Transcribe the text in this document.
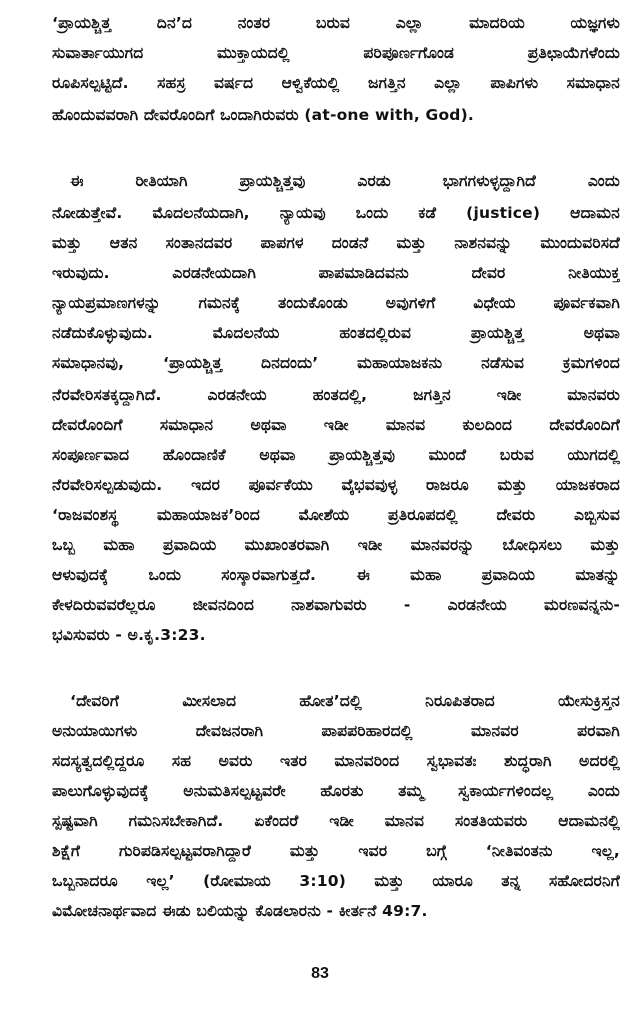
‘ಪ್ರಾಯಶ್ಚಿತ್ತ ದಿನ’ದ ನಂತರ ಬರುವ ಎಲ್ಲಾ ಮಾದರಿಯ ಯಜ್ಞಗಳು
ಸುವಾರ್ತಾಯುಗದ ಮುಕ್ತಾಯದಲ್ಲಿ ಪರಿಪೂರ್ಣಗೊಂಡ ಪ್ರತಿಛಾಯೆಗಳೆಂದು
ರೂಪಿಸಲ್ಪಟ್ಟಿದೆ. ಸಹಸ್ರ ವರ್ಷದ ಆಳ್ವಿಕೆಯಲ್ಲಿ ಜಗತ್ತಿನ ಎಲ್ಲಾ ಪಾಪಿಗಳು ಸಮಾಧಾನ
ಹೊಂದುವವರಾಗಿ ದೇವರೊಂದಿಗೆ ಒಂದಾಗಿರುವರು (at-one with, God).
ಈ ರೀತಿಯಾಗಿ ಪ್ರಾಯಶ್ಚಿತ್ತವು ಎರಡು ಭಾಗಗಳುಳ್ಳದ್ದಾಗಿದೆ ಎಂದು
ನೋಡುತ್ತೇವೆ. ಮೊದಲನೆಯದಾಗಿ, ನ್ಯಾಯವು ಒಂದು ಕಡೆ (justice) ಆದಾಮನ
ಮತ್ತು ಆತನ ಸಂತಾನದವರ ಪಾಪಗಳ ದಂಡನೆ ಮತ್ತು ನಾಶನವನ್ನು ಮುಂದುವರಿಸದೆ
ಇರುವುದು. ಎರಡನೇಯದಾಗಿ ಪಾಪಮಾಡಿದವನು ದೇವರ ನೀತಿಯುಕ್ತ
ನ್ಯಾಯಪ್ರಮಾಣಗಳನ್ನು ಗಮನಕ್ಕೆ ತಂದುಕೊಂಡು ಅವುಗಳಿಗೆ ವಿಧೇಯ ಪೂರ್ವಕವಾಗಿ
ನಡೆದುಕೊಳ್ಳುವುದು. ಮೊದಲನೆಯ ಹಂತದಲ್ಲಿರುವ ಪ್ರಾಯಶ್ಚಿತ್ತ ಅಥವಾ
ಸಮಾಧಾನವು, ‘ಪ್ರಾಯಶ್ಚಿತ್ತ ದಿನದಂದು’ ಮಹಾಯಾಜಕನು ನಡೆಸುವ ಕ್ರಮಗಳಿಂದ
ನೆರವೇರಿಸತಕ್ಕದ್ದಾಗಿದೆ. ಎರಡನೇಯ ಹಂತದಲ್ಲಿ, ಜಗತ್ತಿನ ಇಡೀ ಮಾನವರು
ದೇವರೊಂದಿಗೆ ಸಮಾಧಾನ ಅಥವಾ ಇಡೀ ಮಾನವ ಕುಲದಿಂದ ದೇವರೊಂದಿಗೆ
ಸಂಪೂರ್ಣವಾದ ಹೊಂದಾಣಿಕೆ ಅಥವಾ ಪ್ರಾಯಶ್ಚಿತ್ತವು ಮುಂದೆ ಬರುವ ಯುಗದಲ್ಲಿ
ನೆರವೇರಿಸಲ್ಪಡುವುದು. ಇದರ ಪೂರ್ವಕೆಯು ವೈಭವವುಳ್ಳ ರಾಜರೂ ಮತ್ತು ಯಾಜಕರಾದ
‘ರಾಜವಂಶಸ್ಥ ಮಹಾಯಾಜಕ’ರಿಂದ ಮೋಶೆಯ ಪ್ರತಿರೂಪದಲ್ಲಿ ದೇವರು ಎಬ್ಬಿಸುವ
ಒಬ್ಬ ಮಹಾ ಪ್ರವಾದಿಯ ಮುಖಾಂತರವಾಗಿ ಇಡೀ ಮಾನವರನ್ನು ಬೋಧಿಸಲು ಮತ್ತು
ಆಳುವುದಕ್ಕೆ ಒಂದು ಸಂಸ್ಕಾರವಾಗುತ್ತದೆ. ಈ ಮಹಾ ಪ್ರವಾದಿಯ ಮಾತನ್ನು
ಕೇಳದಿರುವವರೆಲ್ಲರೂ ಜೀವನದಿಂದ ನಾಶವಾಗುವರು - ಎರಡನೇಯ ಮರಣವನ್ನನು-
ಭವಿಸುವರು - ಅ.ಕೃ.3:23.
‘ದೇವರಿಗೆ ಮೀಸಲಾದ ಹೋತ’ದಲ್ಲಿ ನಿರೂಪಿತರಾದ ಯೇಸುಕ್ರಿಸ್ತನ
ಅನುಯಾಯಿಗಳು ದೇವಜನರಾಗಿ ಪಾಪಪರಿಹಾರದಲ್ಲಿ ಮಾನವರ ಪರವಾಗಿ
ಸದಸ್ಯತ್ವದಲ್ಲಿದ್ದರೂ ಸಹ ಅವರು ಇತರ ಮಾನವರಿಂದ ಸ್ವಭಾವತಃ ಶುದ್ಧರಾಗಿ ಅದರಲ್ಲಿ
ಪಾಲುಗೊಳ್ಳುವುದಕ್ಕೆ ಅನುಮತಿಸಲ್ಪಟ್ಟವರೇ ಹೊರತು ತಮ್ಮ ಸ್ವಕಾರ್ಯಗಳಿಂದಲ್ಲ ಎಂದು
ಸ್ಪಷ್ಟವಾಗಿ ಗಮನಿಸಬೇಕಾಗಿದೆ. ಏಕೆಂದರೆ ಇಡೀ ಮಾನವ ಸಂತತಿಯವರು ಆದಾಮನಲ್ಲಿ
ಶಿಕ್ಷೆಗೆ ಗುರಿಪಡಿಸಲ್ಪಟ್ಟವರಾಗಿದ್ದಾರೆ ಮತ್ತು ಇವರ ಬಗ್ಗೆ ‘ನೀತಿವಂತನು ಇಲ್ಲ,
ಒಬ್ಬನಾದರೂ ಇಲ್ಲ’ (ರೋಮಾಯ 3:10) ಮತ್ತು ಯಾರೂ ತನ್ನ ಸಹೋದರನಿಗೆ
ವಿಮೋಚನಾರ್ಥವಾದ ಈಡು ಬಲಿಯನ್ನು ಕೊಡಲಾರನು - ಕೀರ್ತನೆ 49:7.
83
